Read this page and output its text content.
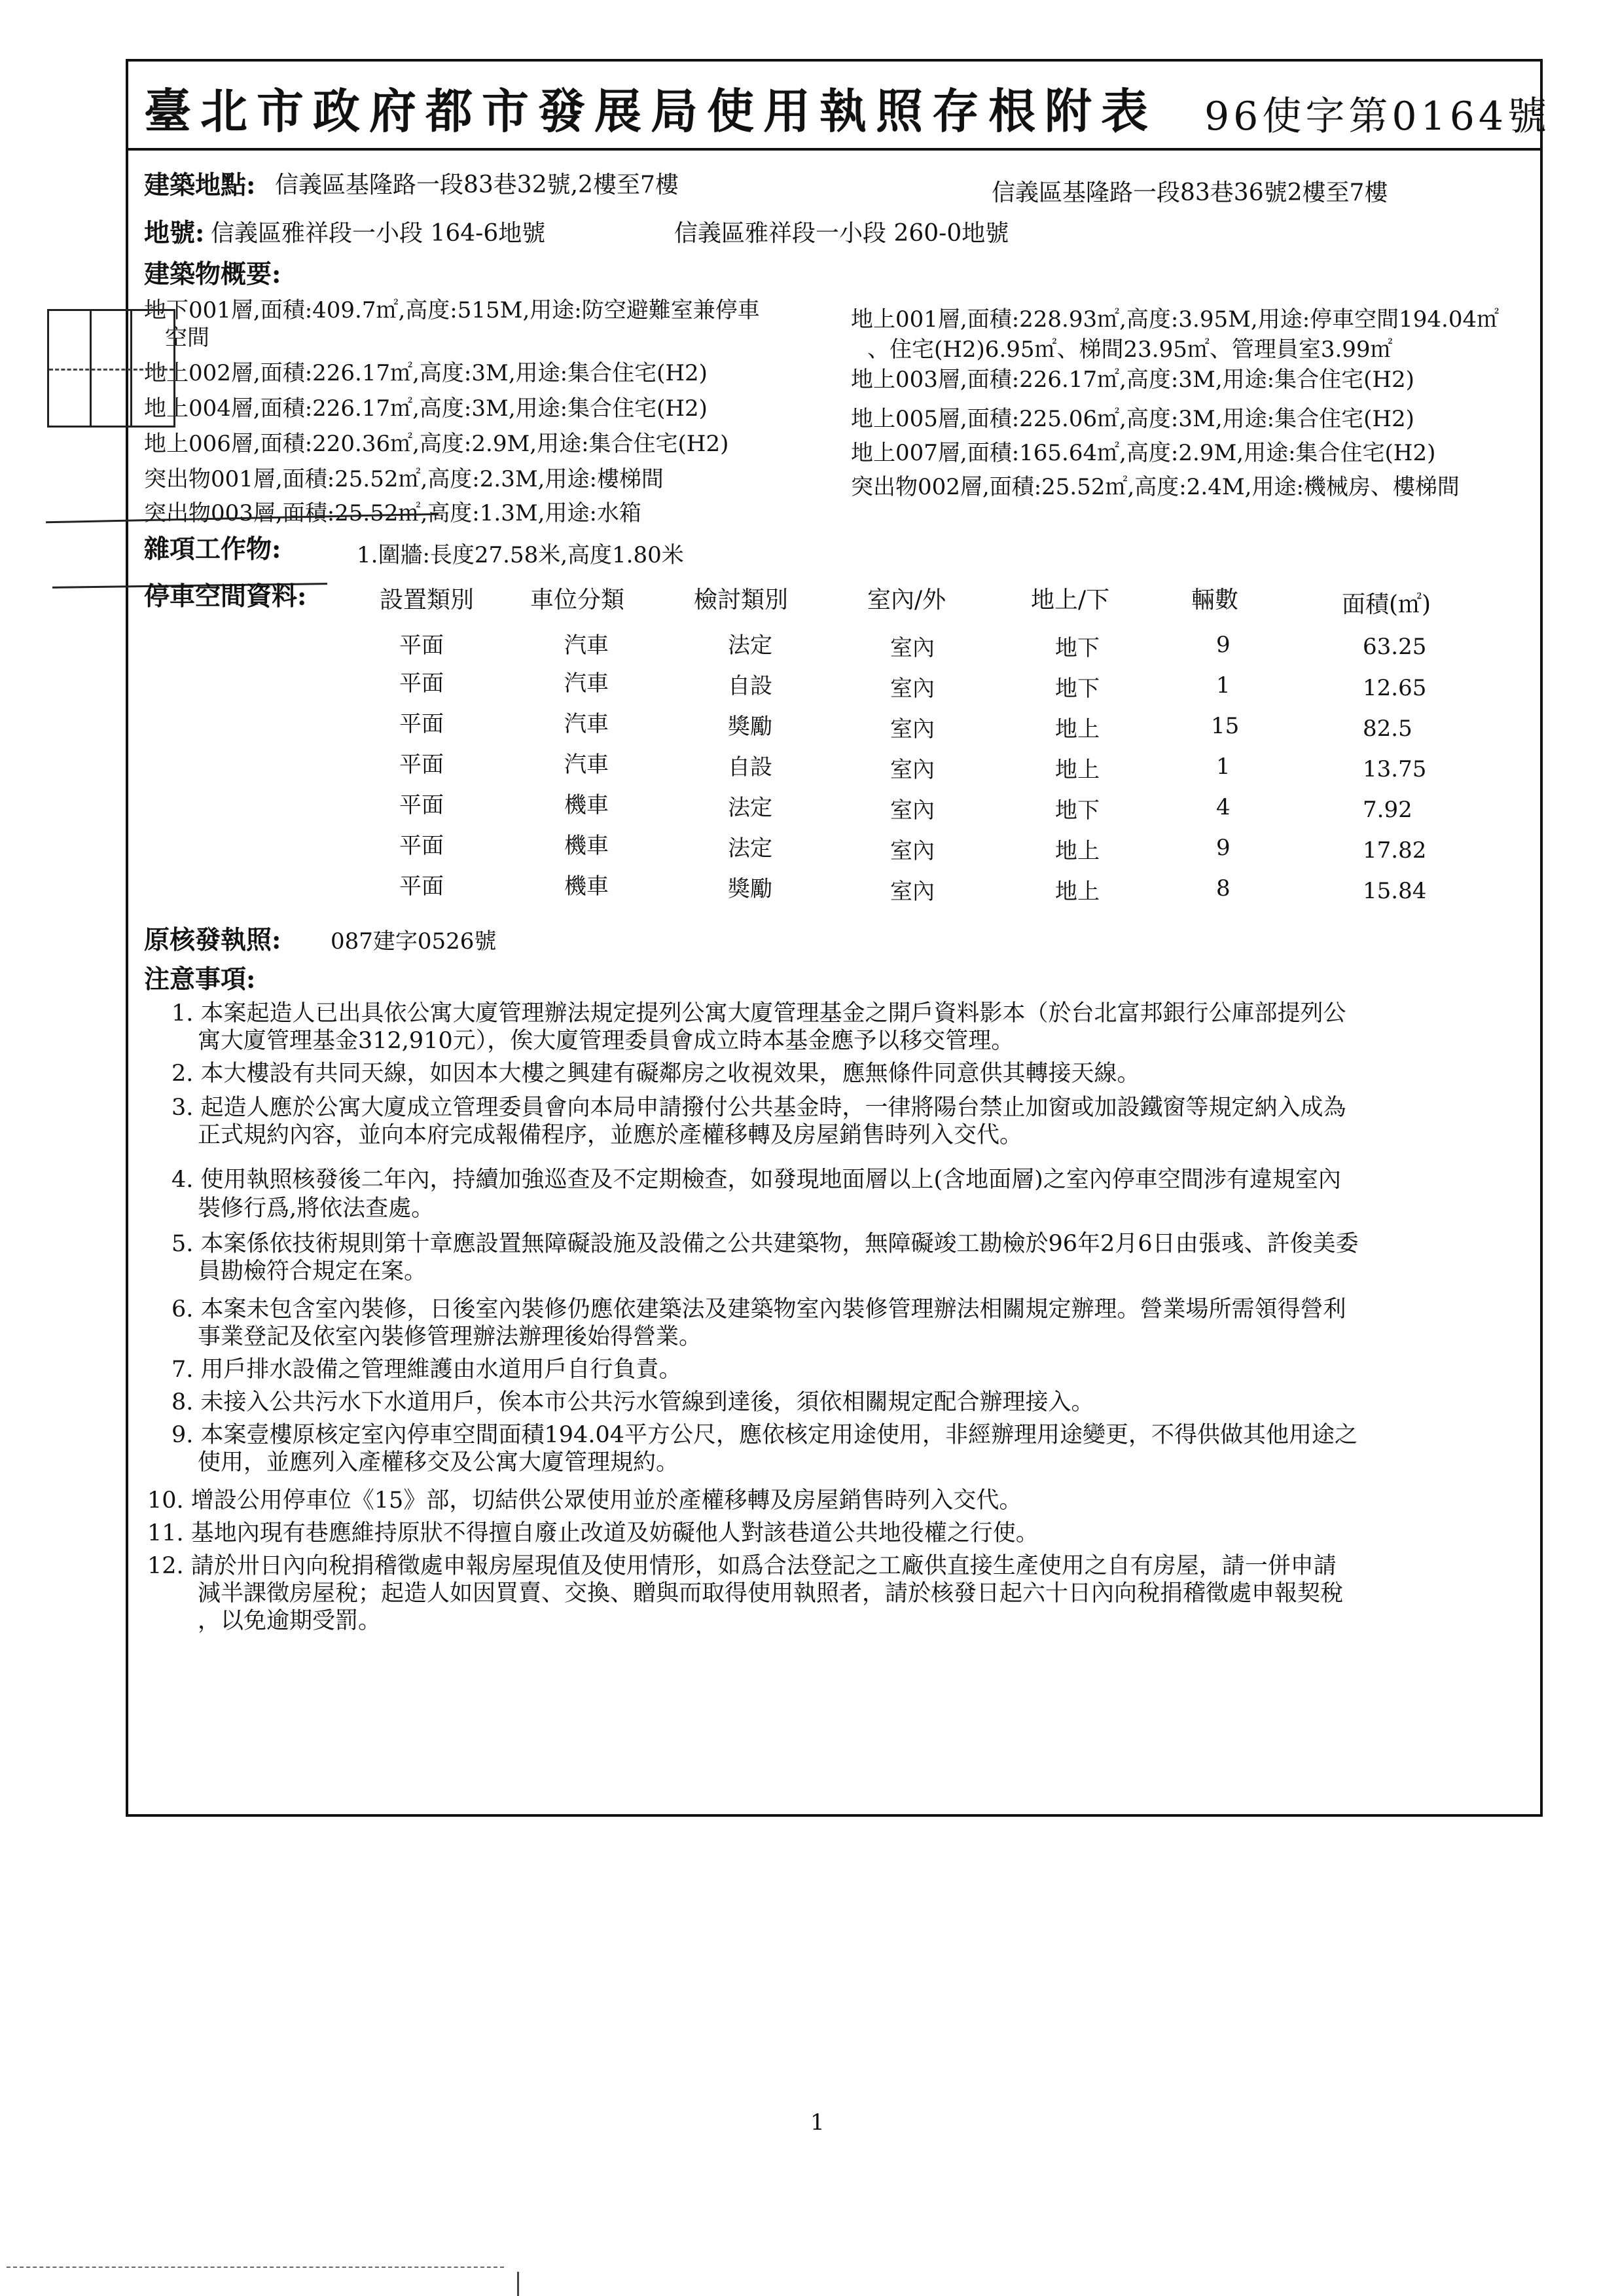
臺北市政府都市發展局使用執照存根附表 96使字第0164號
建築地點: 信義區基隆路一段83巷32號,2樓至7樓	信義區基隆路一段83巷36號2樓至7樓
地號: 信義區雅祥段一小段 164-6地號	信義區雅祥段一小段 260-0地號
建築物概要:
地下001層,面積:409.7㎡,高度:515M,用途:防空避難室兼停車
空間
地上002層,面積:226.17㎡,高度:3M,用途:集合住宅(H2)
地上004層,面積:226.17㎡,高度:3M,用途:集合住宅(H2)
地上006層,面積:220.36㎡,高度:2.9M,用途:集合住宅(H2)
突出物001層,面積:25.52㎡,高度:2.3M,用途:樓梯間
突出物003層,面積:25.52㎡,高度:1.3M,用途:水箱
地上001層,面積:228.93㎡,高度:3.95M,用途:停車空間194.04㎡
、住宅(H2)6.95㎡、梯間23.95㎡、管理員室3.99㎡
地上003層,面積:226.17㎡,高度:3M,用途:集合住宅(H2)
地上005層,面積:225.06㎡,高度:3M,用途:集合住宅(H2)
地上007層,面積:165.64㎡,高度:2.9M,用途:集合住宅(H2)
突出物002層,面積:25.52㎡,高度:2.4M,用途:機械房、樓梯間
雜項工作物:	1.圍牆:長度27.58米,高度1.80米
停車空間資料:	設置類別 車位分類	檢討類別	室內/外	地上/下	輛數	面積(㎡)
平面	汽車	法定	室內	地下	9	63.25
平面	汽車	自設	室內	地下	1	12.65
平面	汽車	獎勵	室內	地上	15	82.5
平面	汽車	自設	室內	地上	1	13.75
平面	機車	法定	室內	地下	4	7.92
平面	機車	法定	室內	地上	9	17.82
平面	機車	獎勵	室內	地上	8	15.84
原核發執照: 087建字0526號
注意事項:
1. 本案起造人已出具依公寓大廈管理辦法規定提列公寓大廈管理基金之開戶資料影本（於台北富邦銀行公庫部提列公
寓大廈管理基金312,910元），俟大廈管理委員會成立時本基金應予以移交管理。
2. 本大樓設有共同天線，如因本大樓之興建有礙鄰房之收視效果，應無條件同意供其轉接天線。
3. 起造人應於公寓大廈成立管理委員會向本局申請撥付公共基金時，一律將陽台禁止加窗或加設鐵窗等規定納入成為
正式規約內容，並向本府完成報備程序，並應於產權移轉及房屋銷售時列入交代。
4. 使用執照核發後二年內，持續加強巡查及不定期檢查，如發現地面層以上(含地面層)之室內停車空間涉有違規室內
裝修行爲,將依法查處。
5. 本案係依技術規則第十章應設置無障礙設施及設備之公共建築物，無障礙竣工勘檢於96年2月6日由張彧、許俊美委
員勘檢符合規定在案。
6. 本案未包含室內裝修，日後室內裝修仍應依建築法及建築物室內裝修管理辦法相關規定辦理。營業場所需領得營利
事業登記及依室內裝修管理辦法辦理後始得營業。
7. 用戶排水設備之管理維護由水道用戶自行負責。
8. 未接入公共污水下水道用戶，俟本市公共污水管線到達後，須依相關規定配合辦理接入。
9. 本案壹樓原核定室內停車空間面積194.04平方公尺，應依核定用途使用，非經辦理用途變更，不得供做其他用途之
使用，並應列入產權移交及公寓大廈管理規約。
10. 增設公用停車位《15》部，切結供公眾使用並於產權移轉及房屋銷售時列入交代。
11. 基地內現有巷應維持原狀不得擅自廢止改道及妨礙他人對該巷道公共地役權之行使。
12. 請於卅日內向稅捐稽徵處申報房屋現值及使用情形，如爲合法登記之工廠供直接生產使用之自有房屋，請一併申請
減半課徵房屋稅；起造人如因買賣、交換、贈與而取得使用執照者，請於核發日起六十日內向稅捐稽徵處申報契稅
，以免逾期受罰。
1
